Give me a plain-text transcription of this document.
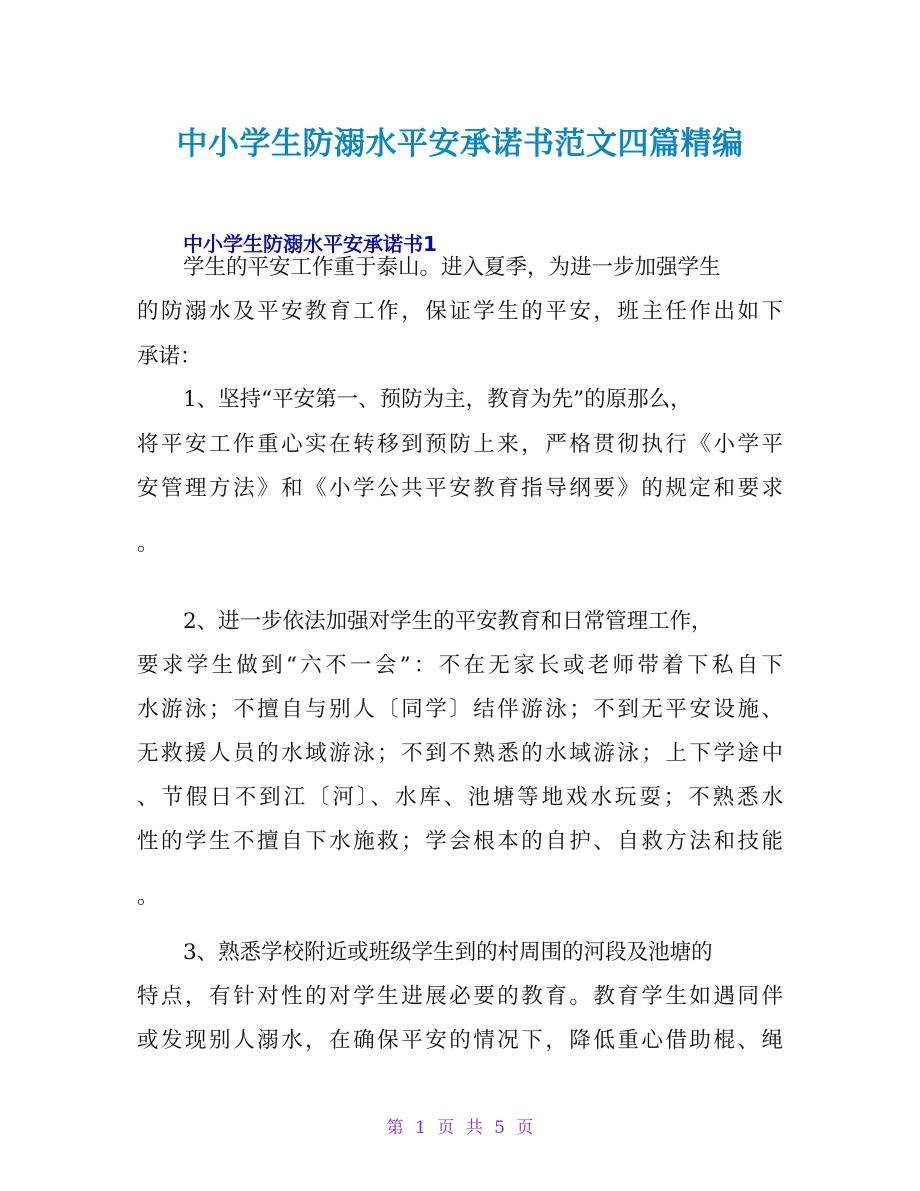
中小学生防溺水平安承诺书范文四篇精编
中小学生防溺水平安承诺书1
学生的平安工作重于泰山。进入夏季，为进一步加强学生
的防溺水及平安教育工作，保证学生的平安，班主任作出如下
承诺：
1、坚持“平安第一、预防为主，教育为先”的原那么，
将平安工作重心实在转移到预防上来，严格贯彻执行《小学平
安管理方法》和《小学公共平安教育指导纲要》的规定和要求
。
2、进一步依法加强对学生的平安教育和日常管理工作，
要求学生做到“六不一会”：不在无家长或老师带着下私自下
水游泳；不擅自与别人〔同学〕结伴游泳；不到无平安设施、
无救援人员的水域游泳；不到不熟悉的水域游泳；上下学途中
、节假日不到江〔河〕、水库、池塘等地戏水玩耍；不熟悉水
性的学生不擅自下水施救；学会根本的自护、自救方法和技能
。
3、熟悉学校附近或班级学生到的村周围的河段及池塘的
特点，有针对性的对学生进展必要的教育。教育学生如遇同伴
或发现别人溺水，在确保平安的情况下，降低重心借助棍、绳
第 1 页 共 5 页
